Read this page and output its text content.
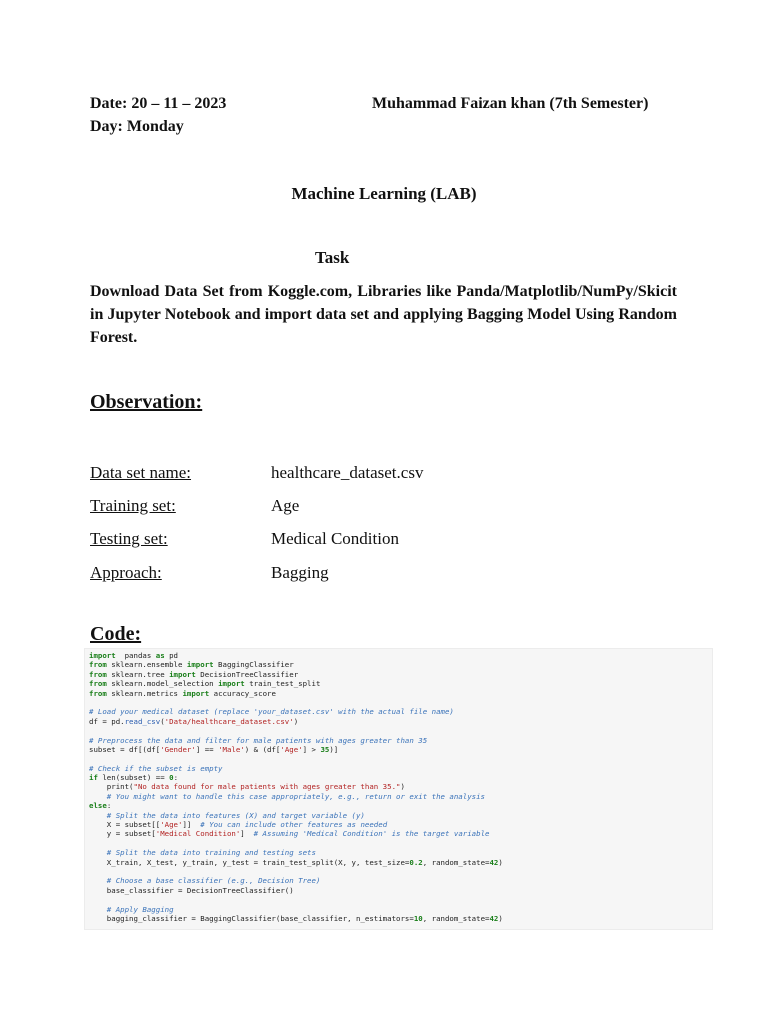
Date: 20 – 11 – 2023
Day: Monday
Muhammad Faizan khan (7th Semester)
Machine Learning (LAB)
Task
Download Data Set from Koggle.com, Libraries like Panda/Matplotlib/NumPy/Skicit in Jupyter Notebook and import data set and applying Bagging Model Using Random Forest.
Observation:
Data set name:	healthcare_dataset.csv
Training set:	Age
Testing set:	Medical Condition
Approach:	Bagging
Code:
import  pandas as pd
from sklearn.ensemble import BaggingClassifier
from sklearn.tree import DecisionTreeClassifier
from sklearn.model_selection import train_test_split
from sklearn.metrics import accuracy_score
# Load your medical dataset (replace 'your_dataset.csv' with the actual file name)
df = pd.read_csv('Data/healthcare_dataset.csv')
# Preprocess the data and filter for male patients with ages greater than 35
subset = df[(df['Gender'] == 'Male') & (df['Age'] > 35)]
# Check if the subset is empty
if len(subset) == 0:
print("No data found for male patients with ages greater than 35.")
# You might want to handle this case appropriately, e.g., return or exit the analysis
else:
# Split the data into features (X) and target variable (y)
X = subset[['Age']]  # You can include other features as needed
y = subset['Medical Condition']  # Assuming 'Medical Condition' is the target variable
# Split the data into training and testing sets
X_train, X_test, y_train, y_test = train_test_split(X, y, test_size=0.2, random_state=42)
# Choose a base classifier (e.g., Decision Tree)
base_classifier = DecisionTreeClassifier()
# Apply Bagging
bagging_classifier = BaggingClassifier(base_classifier, n_estimators=10, random_state=42)
